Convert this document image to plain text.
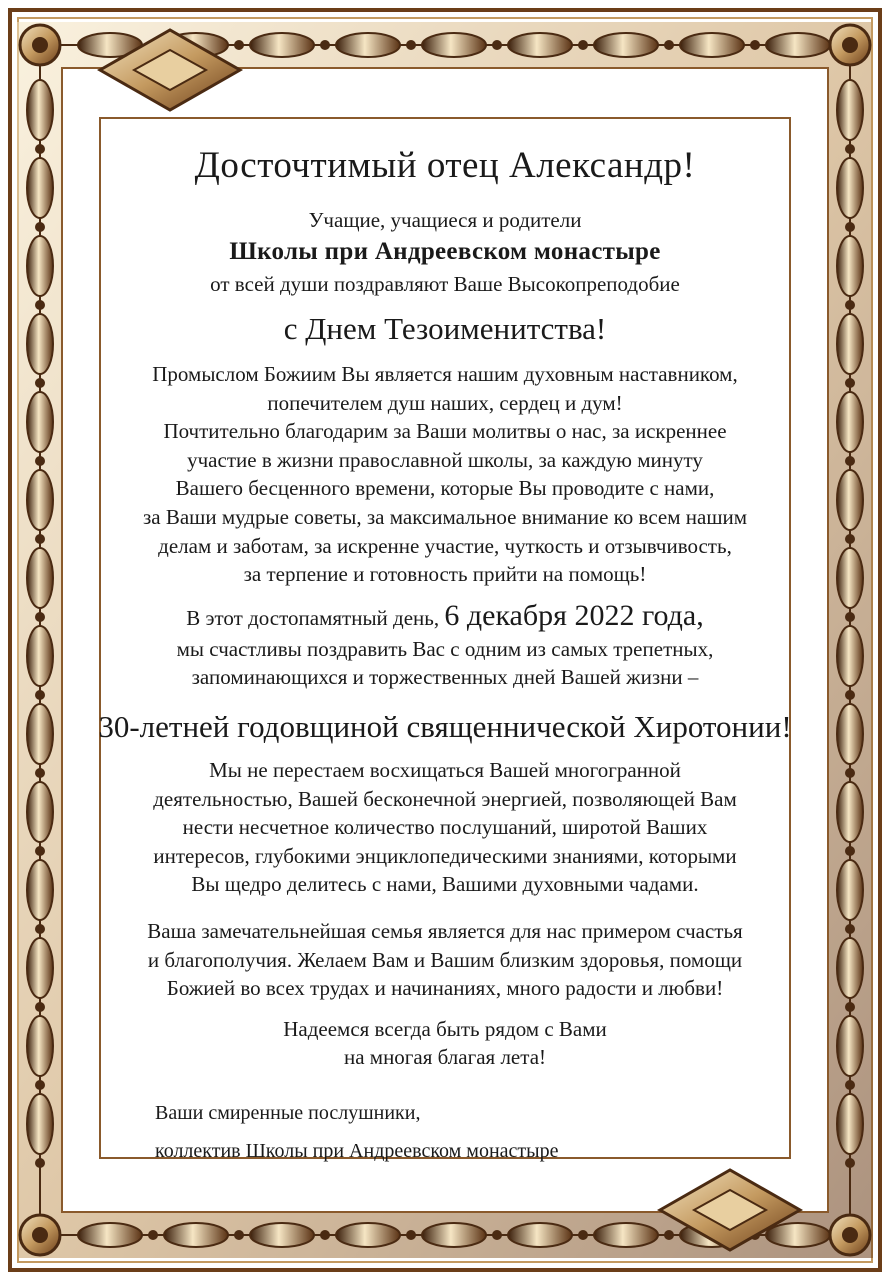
Досточтимый отец Александр!
Учащие, учащиеся и родители
Школы при Андреевском монастыре
от всей души поздравляют Ваше Высокопреподобие
с Днем Тезоименитства!
Промыслом Божиим Вы является нашим духовным наставником,
попечителем душ наших, сердец и дум!
Почтительно благодарим за Ваши молитвы о нас, за искреннее
участие в жизни православной школы, за каждую минуту
Вашего бесценного времени, которые Вы проводите с нами,
за Ваши мудрые советы, за максимальное внимание ко всем нашим
делам и заботам, за искренне участие, чуткость и отзывчивость,
за терпение и готовность прийти на помощь!
В этот достопамятный день, 6 декабря 2022 года,
мы счастливы поздравить Вас с одним из самых трепетных,
запоминающихся и торжественных дней Вашей жизни –
30-летней годовщиной священнической Хиротонии!
Мы не перестаем восхищаться Вашей многогранной
деятельностью, Вашей бесконечной энергией, позволяющей Вам
нести несчетное количество послушаний, широтой Ваших
интересов, глубокими энциклопедическими знаниями, которыми
Вы щедро делитесь с нами, Вашими духовными чадами.
Ваша замечательнейшая семья является для нас примером счастья
и благополучия. Желаем Вам и Вашим близким здоровья, помощи
Божией во всех трудах и начинаниях, много радости и любви!
Надеемся всегда быть рядом с Вами
на многая благая лета!
Ваши смиренные послушники,
коллектив Школы при Андреевском монастыре
